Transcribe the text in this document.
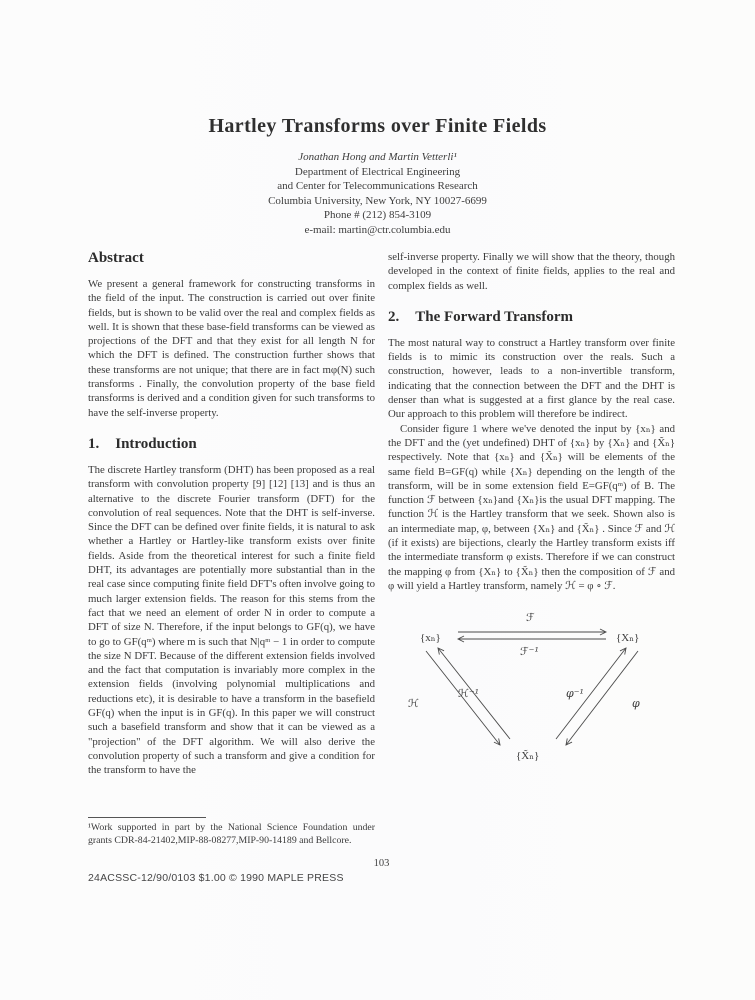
Hartley Transforms over Finite Fields
Jonathan Hong and Martin Vetterli¹
Department of Electrical Engineering
and Center for Telecommunications Research
Columbia University, New York, NY 10027-6699
Phone # (212) 854-3109
e-mail: martin@ctr.columbia.edu
Abstract

We present a general framework for constructing transforms in the field of the input. The construction is carried out over finite fields, but is shown to be valid over the real and complex fields as well. It is shown that these base-field transforms can be viewed as projections of the DFT and that they exist for all length N for which the DFT is defined. The construction further shows that these transforms are not unique; that there are in fact mφ(N) such transforms . Finally, the convolution property of the base field transforms is derived and a condition given for such transforms to have the self-inverse property.

1. Introduction

The discrete Hartley transform (DHT) has been proposed as a real transform with convolution property [9] [12] [13] and is thus an alternative to the discrete Fourier transform (DFT) for the convolution of real sequences. Note that the DHT is self-inverse. Since the DFT can be defined over finite fields, it is natural to ask whether a Hartley or Hartley-like transform exists over finite fields. Aside from the theoretical interest for such a finite field DHT, its advantages are potentially more substantial than in the real case since computing finite field DFT's often involve going to much larger extension fields. The reason for this stems from the fact that we need an element of order N in order to compute a DFT of size N. Therefore, if the input belongs to GF(q), we have to go to GF(qᵐ) where m is such that N|qᵐ − 1 in order to compute the size N DFT. Because of the different extension fields involved and the fact that computation is invariably more complex in the extension fields (involving polynomial multiplications and reductions etc), it is desirable to have a transform in the basefield GF(q) when the input is in GF(q). In this paper we will construct such a basefield transform and show that it can be viewed as a "projection" of the DFT algorithm. We will also derive the convolution property of such a transform and give a condition for the transform to have the

¹Work supported in part by the National Science Foundation under grants CDR-84-21402,MIP-88-08277,MIP-90-14189 and Bellcore.

self-inverse property. Finally we will show that the theory, though developed in the context of finite fields, applies to the real and complex fields as well.

2. The Forward Transform

The most natural way to construct a Hartley transform over finite fields is to mimic its construction over the reals. Such a construction, however, leads to a non-invertible transform, indicating that the connection between the DFT and the DHT is denser than what is suggested at a first glance by the real case. Our approach to this problem will therefore be indirect.

Consider figure 1 where we've denoted the input by {xₙ} and the DFT and the (yet undefined) DHT of {xₙ} by {Xₙ} and {X̃ₙ} respectively. Note that {xₙ} and {X̃ₙ} will be elements of the same field B=GF(q) while {Xₙ} depending on the length of the transform, will be in some extension field E=GF(qᵐ) of B. The function ℱ between {xₙ}and {Xₙ}is the usual DFT mapping. The function ℋ is the Hartley transform that we seek. Shown also is an intermediate map, φ, between {Xₙ} and {X̃ₙ} . Since ℱ and ℋ (if it exists) are bijections, clearly the Hartley transform exists iff the intermediate transform φ exists. Therefore if we can construct the mapping φ from {Xₙ} to {X̃ₙ} then the composition of ℱ and φ will yield a Hartley transform, namely ℋ = φ ∘ ℱ.

{xₙ}	{Xₙ}
{X̃ₙ}
ℱ
ℱ⁻¹
ℋ
ℋ⁻¹	φ⁻¹
φ
103
24ACSSC-12/90/0103 $1.00 © 1990 MAPLE PRESS
